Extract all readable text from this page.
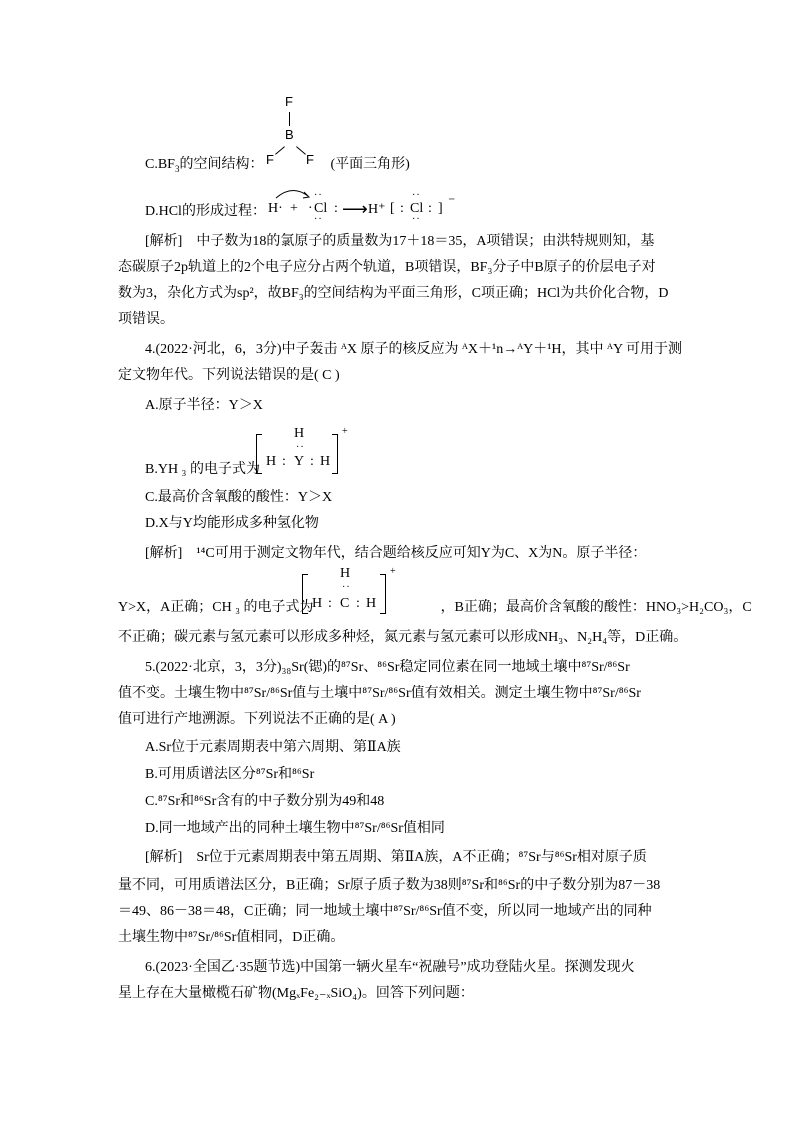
F
B
F F
$C.BF_3$的空间结构：	(平面三角形)
D.HCl的形成过程： H· +
··
· Cl :
··
⟶ H⁺ [ :
··
Cl :
··
] ⁻
[解析]　中子数为18的氯原子的质量数为17＋18＝35，A项错误；由洪特规则知，基
态碳原子2p轨道上的2个电子应分占两个轨道，B项错误，BF₃分子中B原子的价层电子对
数为3，杂化方式为sp²，故BF₃的空间结构为平面三角形，C项正确；HCl为共价化合物，D
项错误。
4.(2022·河北，6，3分)中子轰击 ᴬX 原子的核反应为 ᴬX＋¹n→ᴬY＋¹H，其中 ᴬY 可用于测
定文物年代。下列说法错误的是( C )
A.原子半径：Y＞X
B.YH ₃ 的电子式为
H
··
H : Y : H
+
C.最高价含氧酸的酸性：Y＞X
D.X与Y均能形成多种氢化物
[解析]　¹⁴C可用于测定文物年代，结合题给核反应可知Y为C、X为N。原子半径：
Y>X，A正确；CH ₃ 的电子式为	，B正确；最高价含氧酸的酸性：HNO₃>H₂CO₃，C
H
··
H : C : H
+
不正确；碳元素与氢元素可以形成多种烃，氮元素与氢元素可以形成NH₃、N₂H₄等，D正确。
5.(2022·北京，3，3分)₃₈Sr(锶)的⁸⁷Sr、⁸⁶Sr稳定同位素在同一地域土壤中⁸⁷Sr/⁸⁶Sr
值不变。土壤生物中⁸⁷Sr/⁸⁶Sr值与土壤中⁸⁷Sr/⁸⁶Sr值有效相关。测定土壤生物中⁸⁷Sr/⁸⁶Sr
值可进行产地溯源。下列说法不正确的是( A )
A.Sr位于元素周期表中第六周期、第ⅡA族
B.可用质谱法区分⁸⁷Sr和⁸⁶Sr
C.⁸⁷Sr和⁸⁶Sr含有的中子数分别为49和48
D.同一地域产出的同种土壤生物中⁸⁷Sr/⁸⁶Sr值相同
[解析]　Sr位于元素周期表中第五周期、第ⅡA族，A不正确；⁸⁷Sr与⁸⁶Sr相对原子质
量不同，可用质谱法区分，B正确；Sr原子质子数为38则⁸⁷Sr和⁸⁶Sr的中子数分别为87－38
＝49、86－38＝48，C正确；同一地域土壤中⁸⁷Sr/⁸⁶Sr值不变，所以同一地域产出的同种
土壤生物中⁸⁷Sr/⁸⁶Sr值相同，D正确。
6.(2023·全国乙·35题节选)中国第一辆火星车“祝融号”成功登陆火星。探测发现火
星上存在大量橄榄石矿物(MgₓFe₂₋ₓSiO₄)。回答下列问题：
